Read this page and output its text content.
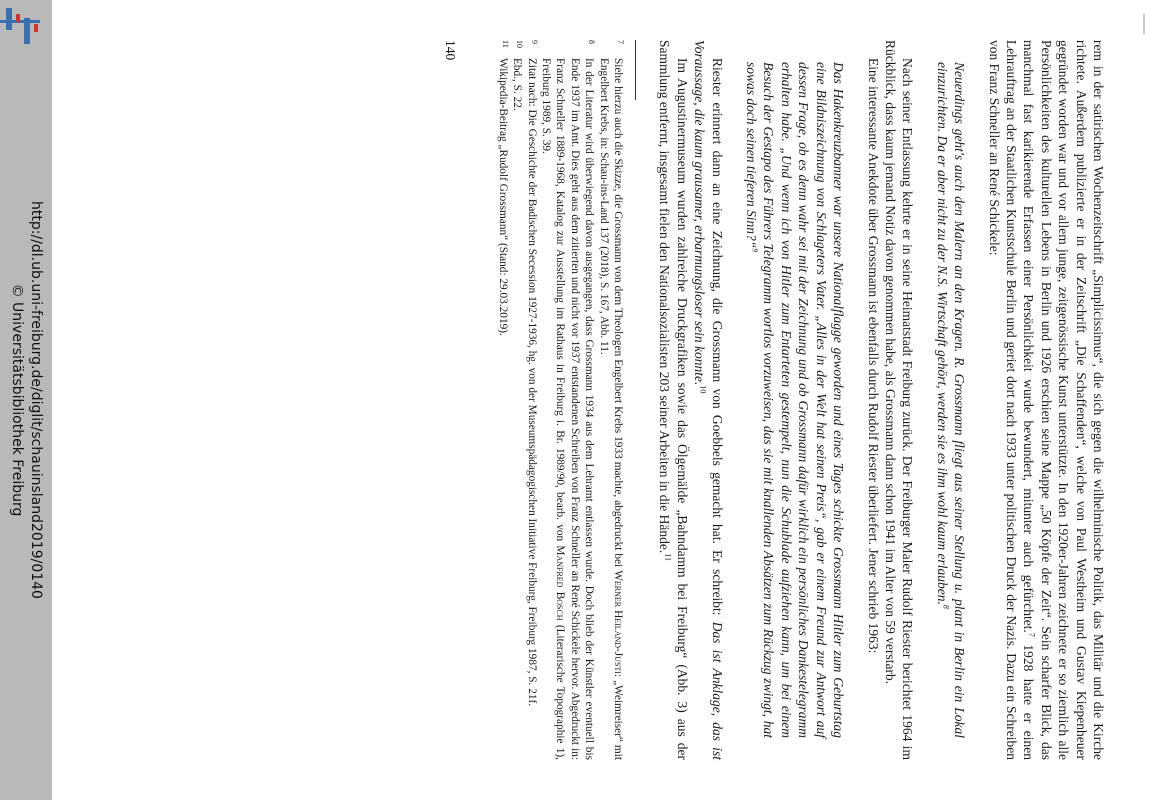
http://dl.ub.uni-freiburg.de/diglit/schauinsland2019/0140
© Universitätsbibliothek Freiburg	rem in der satirischen Wochenzeitschrift „Simplicissimus“, die sich gegen die wilhelminische Politik, das Militär und die Kirche richtete. Außerdem publizierte er in der Zeitschrift „Die Schaffenden“, welche von Paul Westheim und Gustav Kiepenheuer gegründet worden war und vor allem junge, zeitgenössische Kunst unterstützte. In den 1920er-Jahren zeichnete er so ziemlich alle Persönlichkeiten des kulturellen Lebens in Berlin und 1926 erschien seine Mappe „50 Köpfe der Zeit“. Sein scharfer Blick, das manchmal fast karikierende Erfassen einer Persönlichkeit wurde bewundert, mitunter auch gefürchtet.$^7$ 1928 hatte er einen Lehrauftrag an der Staatlichen Kunstschule Berlin und geriet dort nach 1933 unter politischen Druck der Nazis. Dazu ein Schreiben von Franz Schneller an René Schickele:

Neuerdings geht's auch den Malern an den Kragen. R. Grossmann fliegt aus seiner Stellung u. plant in Berlin ein Lokal einzurichten. Da er aber nicht zu der N.S. Wirtschaft gehört, werden sie es ihm wohl kaum erlauben.$^8$

Nach seiner Entlassung kehrte er in seine Heimatstadt Freiburg zurück. Der Freiburger Maler Rudolf Riester berichtet 1964 im Rückblick, dass kaum jemand Notiz davon genommen habe, als Grossmann dann schon 1941 im Alter von 59 verstarb.

Eine interessante Anekdote über Grossmann ist ebenfalls durch Rudolf Riester überliefert. Jener schrieb 1963:

Das Hakenkreuzbanner war unsere Nationalflagge geworden und eines Tages schickte Grossmann Hitler zum Geburtstag eine Bildniszeichnung von Schlageters Vater. „Alles in der Welt hat seinen Preis“, gab er einem Freund zur Antwort auf dessen Frage, ob es denn wahr sei mit der Zeichnung und ob Grossmann dafür wirklich ein persönliches Dankestelegramm erhalten habe. „Und wenn ich von Hitler zum Entarteten gestempelt, nun die Schublade aufziehen kann, um bei einem Besuch der Gestapo des Führers Telegramm wortlos vorzuweisen, das sie mit knallenden Absätzen zum Rückzug zwingt, hat sowas doch seinen tieferen Sinn?“$^9$

Riester erinnert dann an eine Zeichnung, die Grossmann von Goebbels gemacht hat. Er schreibt: Das ist Anklage, das ist Voraussage, die kaum grausamer, erbarmungsloser sein konnte.$^{10}$

Im Augustinermuseum wurden zahlreiche Druckgrafiken sowie das Ölgemälde „Bahndamm bei Freiburg“ (Abb. 3) aus der Sammlung entfernt, insgesamt fielen den Nationalsozialisten 203 seiner Arbeiten in die Hände.$^{11}$

7
Siehe hierzu auch die Skizze, die Grossmann von dem Theologen Engelbert Krebs 1933 machte, abgedruckt bei Werner Heiland-Justi: „Weimreiser“ mit Engelbert Krebs, in: Schau-ins-Land 137 (2018), S. 167, Abb. 11.
8
In der Literatur wird überwiegend davon ausgegangen, dass Grossmann 1934 aus dem Lehramt entlassen wurde. Doch blieb der Künstler eventuell bis Ende 1937 im Amt. Dies geht aus dem zitierten und nicht vor 1937 entstandenen Schreiben von Franz Schneller an René Schickele hervor. Abgedruckt in: Franz Schneller 1889-1968, Katalog zur Ausstellung im Rathaus in Freiburg i. Br. 1989/90, bearb. von Manfred Bosch (Literarische Topographie 1), Freiburg 1989, S. 39.
9
Zitat nach: Die Geschichte der Badischen Secession 1927-1936, hg. von der Museumspädagogischen Initiative Freiburg, Freiburg 1987, S. 21f.
10
Ebd., S. 22.
11
Wikipedia-Beitrag „Rudolf Grossmann“ (Stand: 29.03.2019).
140
